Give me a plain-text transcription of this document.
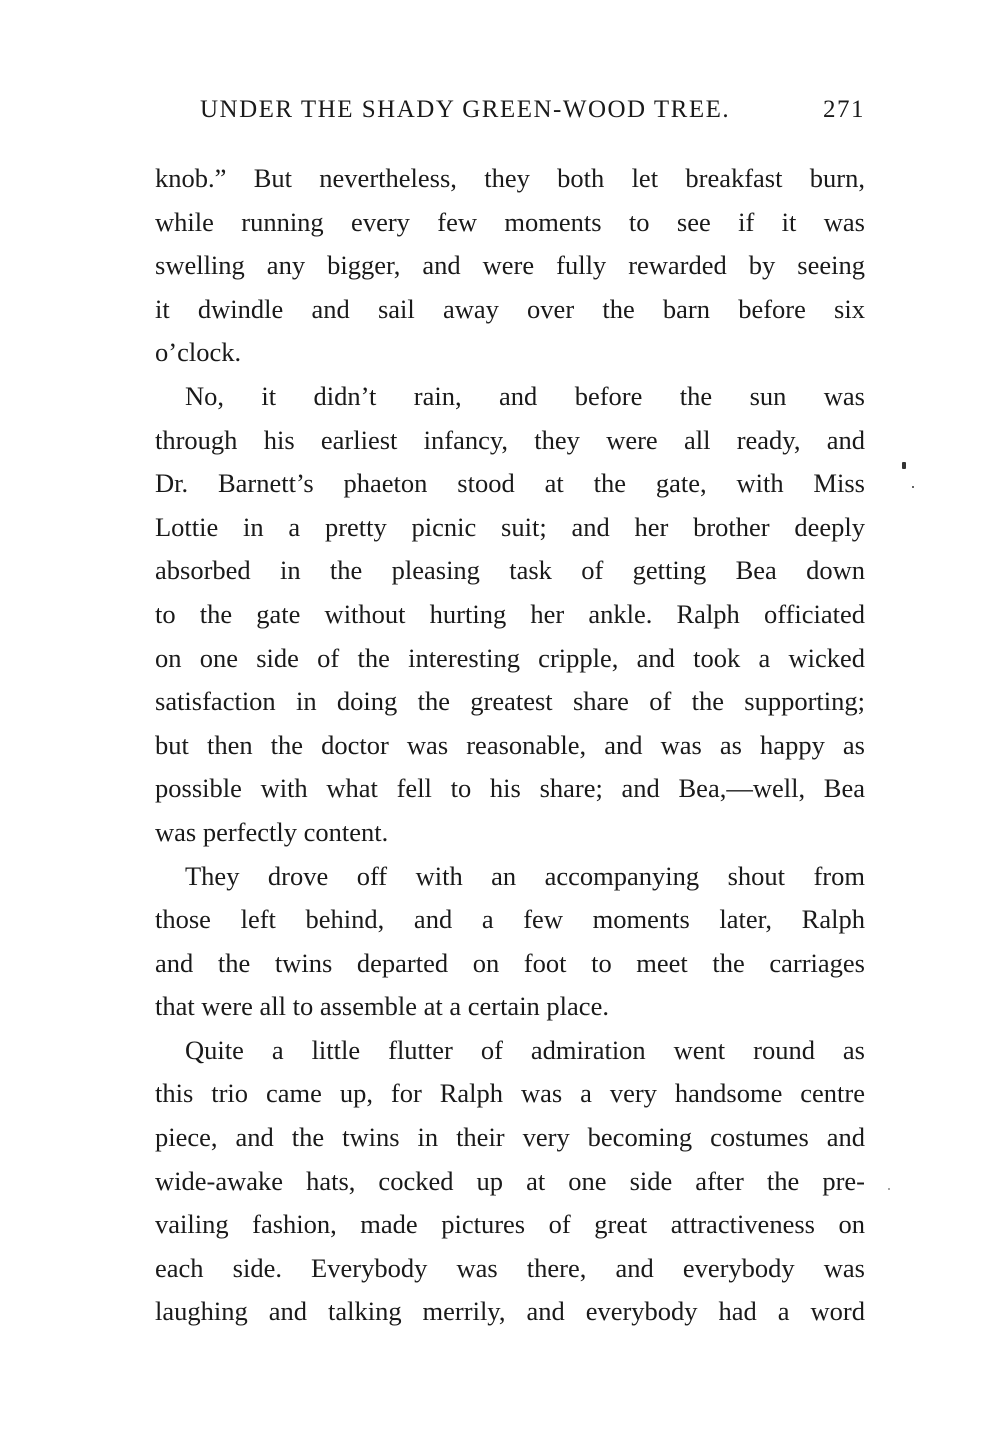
UNDER THE SHADY GREEN-WOOD TREE.	271
knob.” But nevertheless, they both let breakfast burn,
while running every few moments to see if it was
swelling any bigger, and were fully rewarded by seeing
it dwindle and sail away over the barn before six
o’clock.
No, it didn’t rain, and before the sun was
through his earliest infancy, they were all ready, and
Dr. Barnett’s phaeton stood at the gate, with Miss
Lottie in a pretty picnic suit; and her brother deeply
absorbed in the pleasing task of getting Bea down
to the gate without hurting her ankle. Ralph officiated
on one side of the interesting cripple, and took a wicked
satisfaction in doing the greatest share of the supporting;
but then the doctor was reasonable, and was as happy as
possible with what fell to his share; and Bea,—well, Bea
was perfectly content.
They drove off with an accompanying shout from
those left behind, and a few moments later, Ralph
and the twins departed on foot to meet the carriages
that were all to assemble at a certain place.
Quite a little flutter of admiration went round as
this trio came up, for Ralph was a very handsome centre
piece, and the twins in their very becoming costumes and
wide-awake hats, cocked up at one side after the pre-
vailing fashion, made pictures of great attractiveness on
each side. Everybody was there, and everybody was
laughing and talking merrily, and everybody had a word
